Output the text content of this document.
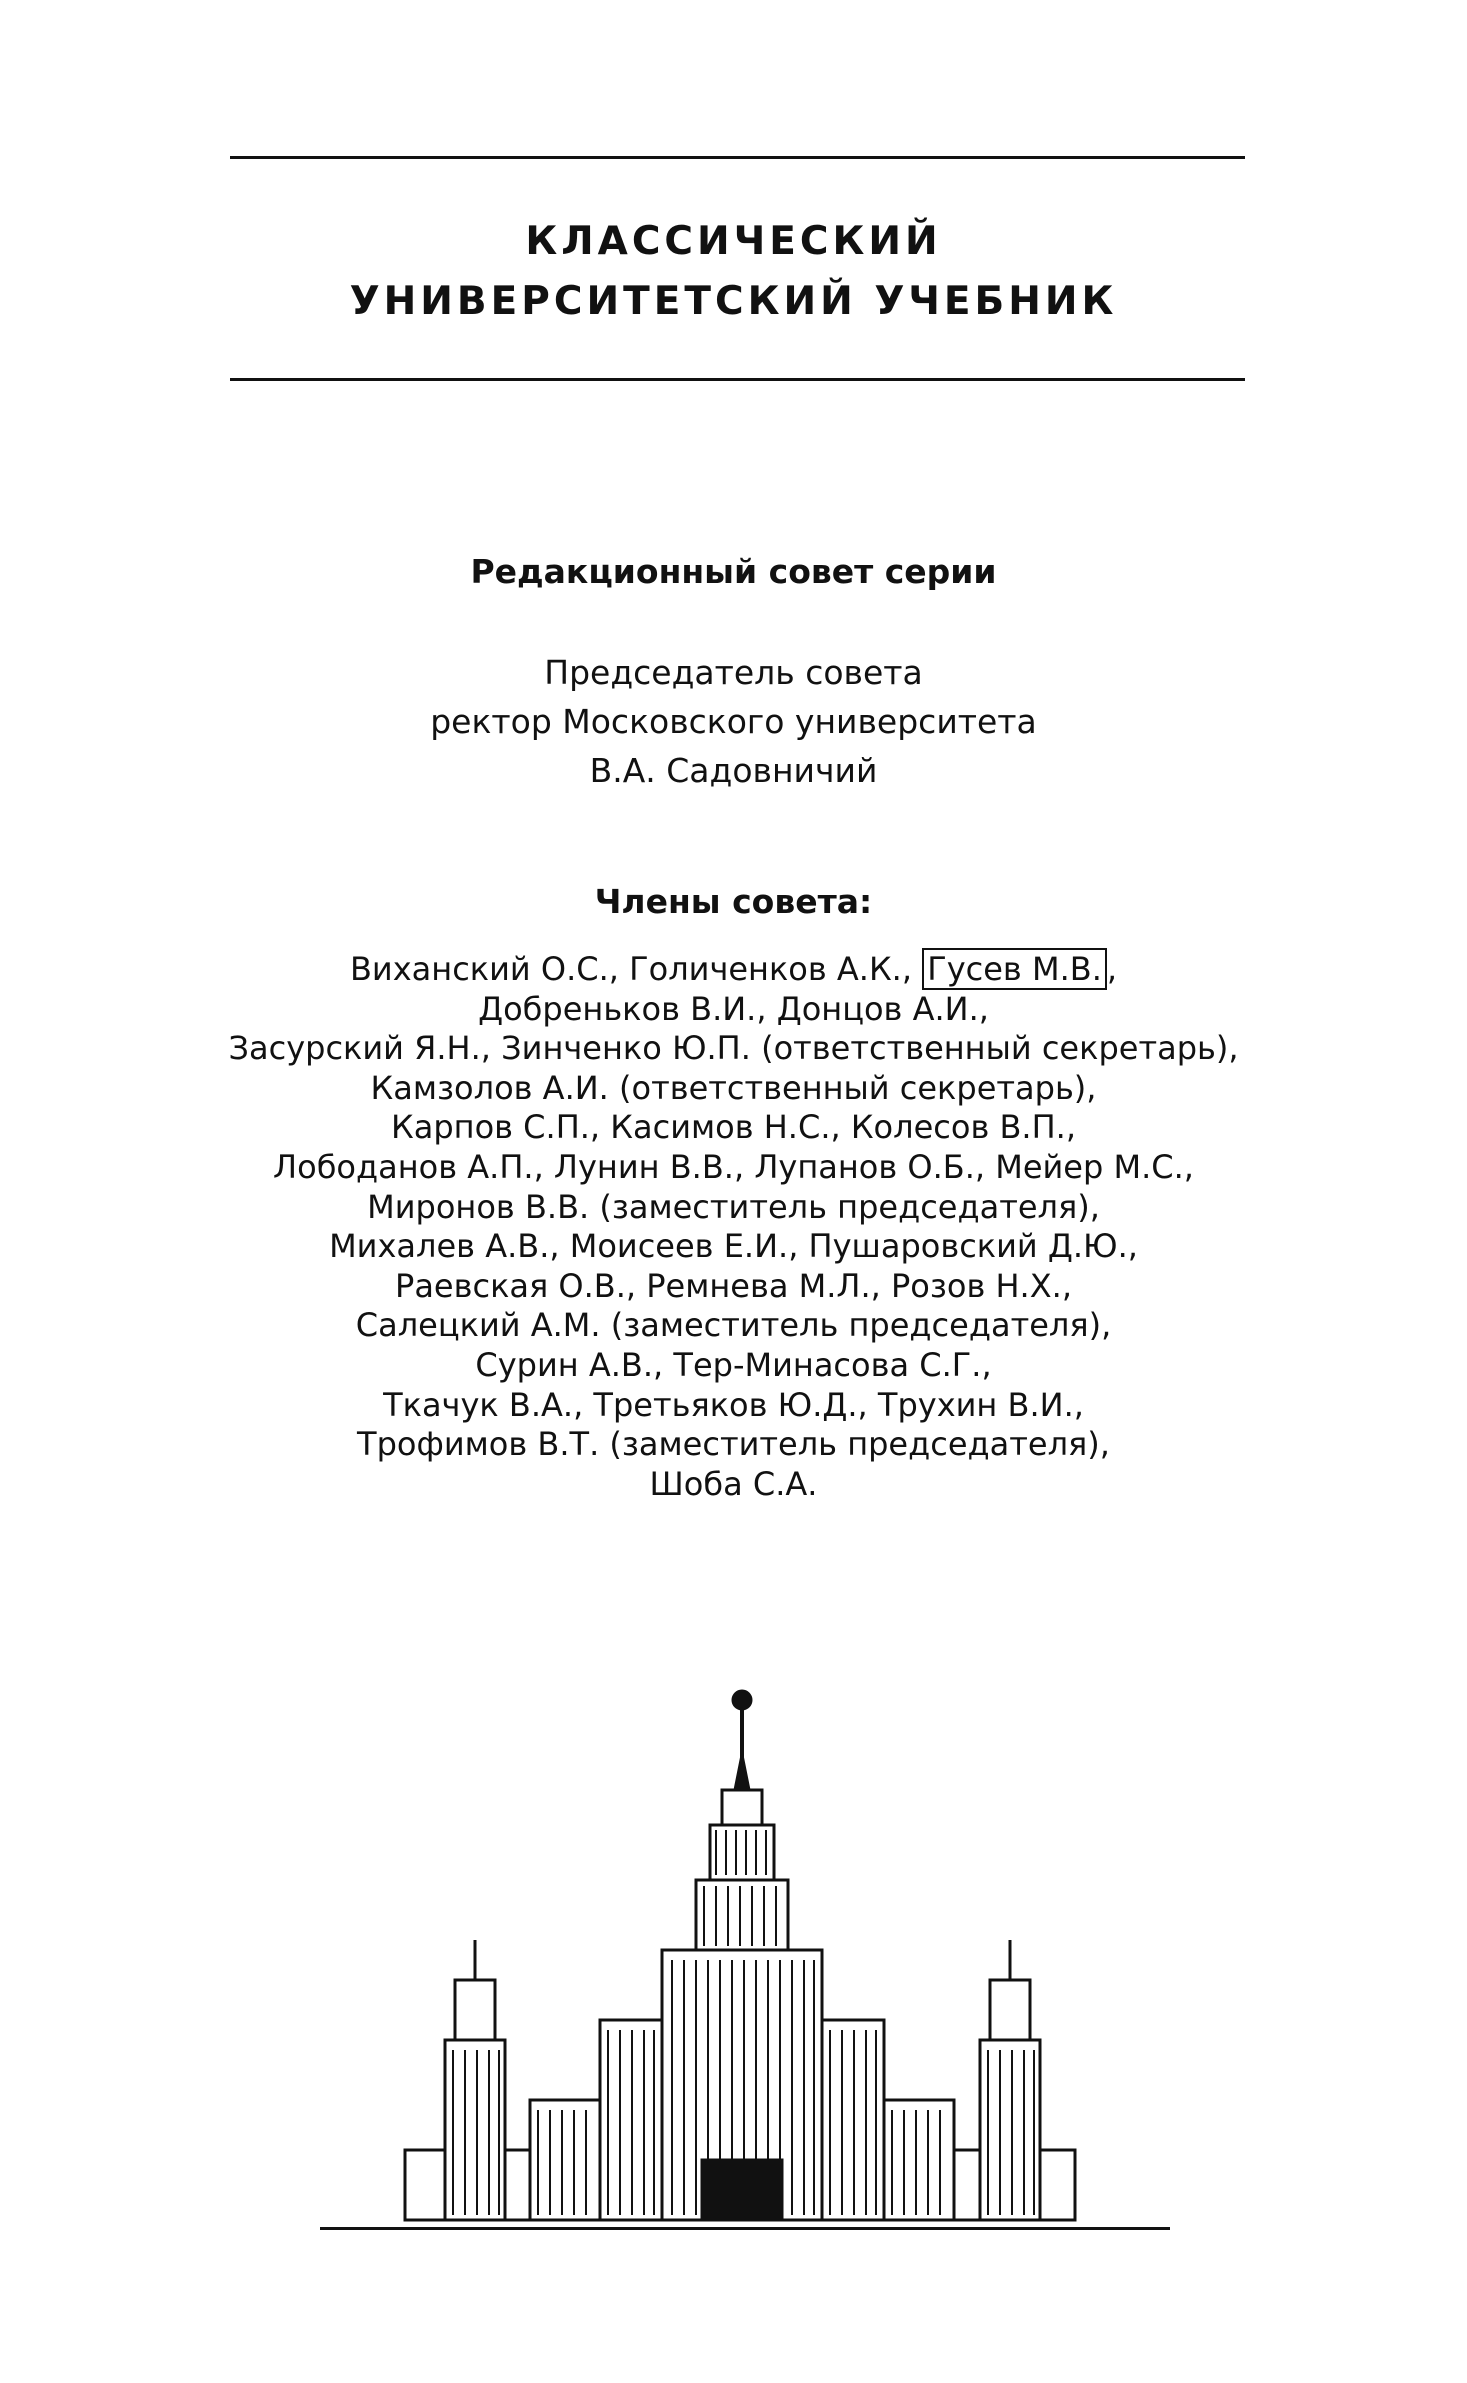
КЛАССИЧЕСКИЙ
УНИВЕРСИТЕТСКИЙ УЧЕБНИК
Редакционный совет серии
Председатель совета
ректор Московского университета
В.А. Садовничий
Члены совета:
Виханский О.С., Голиченков А.К., Гусев М.В. ,
Добреньков В.И., Донцов А.И.,
Засурский Я.Н., Зинченко Ю.П. (ответственный секретарь),
Камзолов А.И. (ответственный секретарь),
Карпов С.П., Касимов Н.С., Колесов В.П.,
Лободанов А.П., Лунин В.В., Лупанов О.Б., Мейер М.С.,
Миронов В.В. (заместитель председателя),
Михалев А.В., Моисеев Е.И., Пушаровский Д.Ю.,
Раевская О.В., Ремнева М.Л., Розов Н.Х.,
Салецкий А.М. (заместитель председателя),
Сурин А.В., Тер-Минасова С.Г.,
Ткачук В.А., Третьяков Ю.Д., Трухин В.И.,
Трофимов В.Т. (заместитель председателя),
Шоба С.А.
